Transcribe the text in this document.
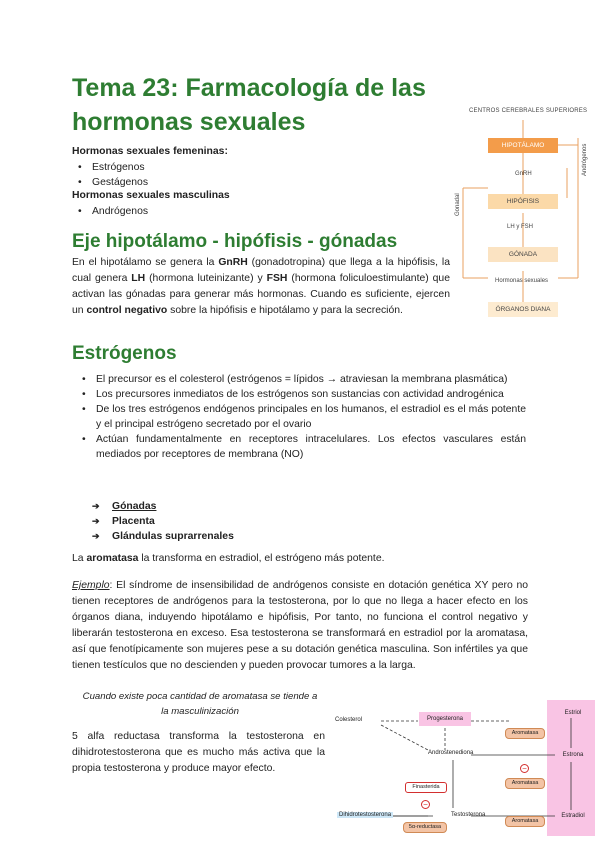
Tema 23: Farmacología de las hormonas sexuales
Hormonas sexuales femeninas:
• Estrógenos
• Gestágenos
Hormonas sexuales masculinas
• Andrógenos
Eje hipotálamo - hipófisis - gónadas
En el hipotálamo se genera la GnRH (gonadotropina) que llega a la hipófisis, la cual genera LH (hormona luteinizante) y FSH (hormona foliculoestimulante) que activan las gónadas para generar más hormonas. Cuando es suficiente, ejercen un control negativo sobre la hipófisis e hipotálamo y para la secreción.
CENTROS CEREBRALES SUPERIORES
HIPOTÁLAMO
GnRH
HIPÓFISIS
LH y FSH
GÓNADA
Hormonas sexuales
ÓRGANOS DIANA
Gonadal
Andrógenos
Estrógenos
• El precursor es el colesterol (estrógenos = lípidos → atraviesan la membrana plasmática)
• Los precursores inmediatos de los estrógenos son sustancias con actividad androgénica
• De los tres estrógenos endógenos principales en los humanos, el estradiol es el más potente y el principal estrógeno secretado por el ovario
• Actúan fundamentalmente en receptores intracelulares. Los efectos vasculares están mediados por receptores de membrana (NO)
➔ Gónadas
➔ Placenta
➔ Glándulas suprarrenales
La aromatasa la transforma en estradiol, el estrógeno más potente.
Ejemplo: El síndrome de insensibilidad de andrógenos consiste en dotación genética XY pero no tienen receptores de andrógenos para la testosterona, por lo que no llega a hacer efecto en los órganos diana, induyendo hipotálamo e hipófisis, Por tanto, no funciona el control negativo y liberarán testosterona en exceso. Esa testosterona se transformará en estradiol por la aromatasa, así que fenotípicamente son mujeres pese a su dotación genética masculina. Son infértiles ya que tienen testículos que no descienden y pueden provocar tumores a la larga.
Cuando existe poca cantidad de aromatasa se tiende a la masculinización
5 alfa reductasa transforma la testosterona en dihidrotestosterona que es mucho más activa que la propia testosterona y produce mayor efecto.
Colesterol	Progesterona
Androstenediona
Aromatasa
Aromatasa
Aromatasa
−
Estriol
Estrona
Estradiol
Finasterida
−
Dihidrotestosterona
5α-reductasa
Testosterona
